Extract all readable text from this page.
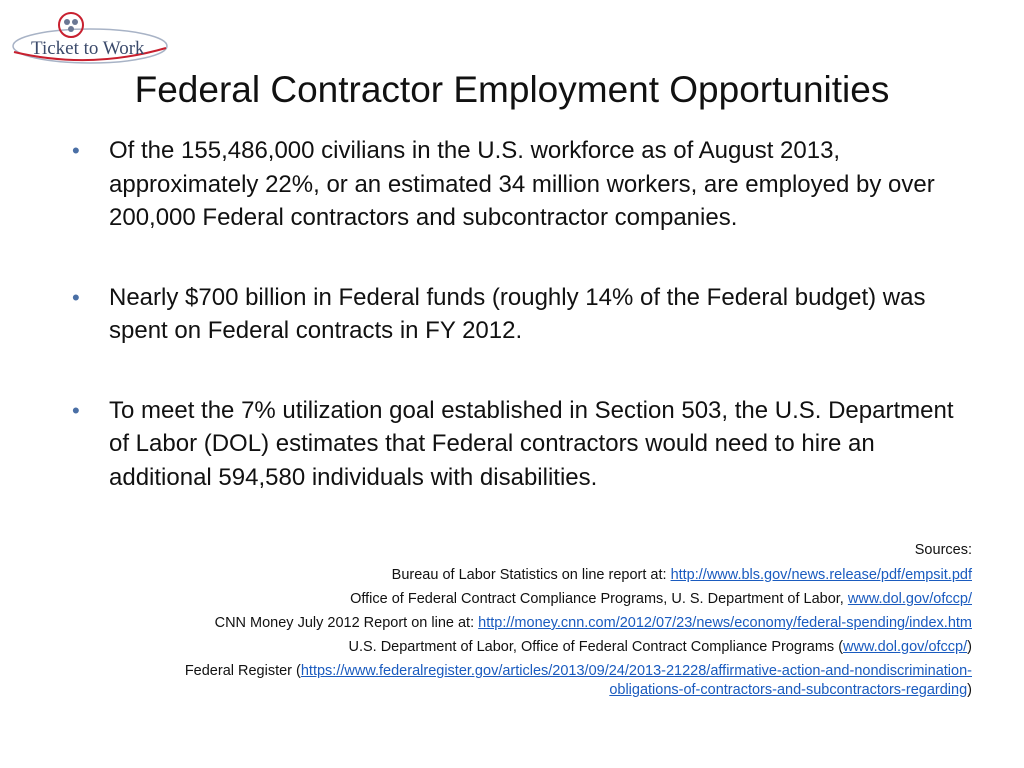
Ticket to Work
Federal Contractor Employment Opportunities
• Of the 155,486,000 civilians in the U.S. workforce as of August 2013, approximately 22%, or an estimated 34 million workers, are employed by over 200,000 Federal contractors and subcontractor companies.
• Nearly $700 billion in Federal funds (roughly 14% of the Federal budget) was spent on Federal contracts in FY 2012.
• To meet the 7% utilization goal established in Section 503, the U.S. Department of Labor (DOL) estimates that Federal contractors would need to hire an additional 594,580 individuals with disabilities.
Sources:
Bureau of Labor Statistics on line report at: http://www.bls.gov/news.release/pdf/empsit.pdf
Office of Federal Contract Compliance Programs, U. S. Department of Labor, www.dol.gov/ofccp/
CNN Money July 2012 Report on line at: http://money.cnn.com/2012/07/23/news/economy/federal-spending/index.htm
U.S. Department of Labor, Office of Federal Contract Compliance Programs (www.dol.gov/ofccp/)
Federal Register (https://www.federalregister.gov/articles/2013/09/24/2013-21228/affirmative-action-and-nondiscrimination-obligations-of-contractors-and-subcontractors-regarding)
